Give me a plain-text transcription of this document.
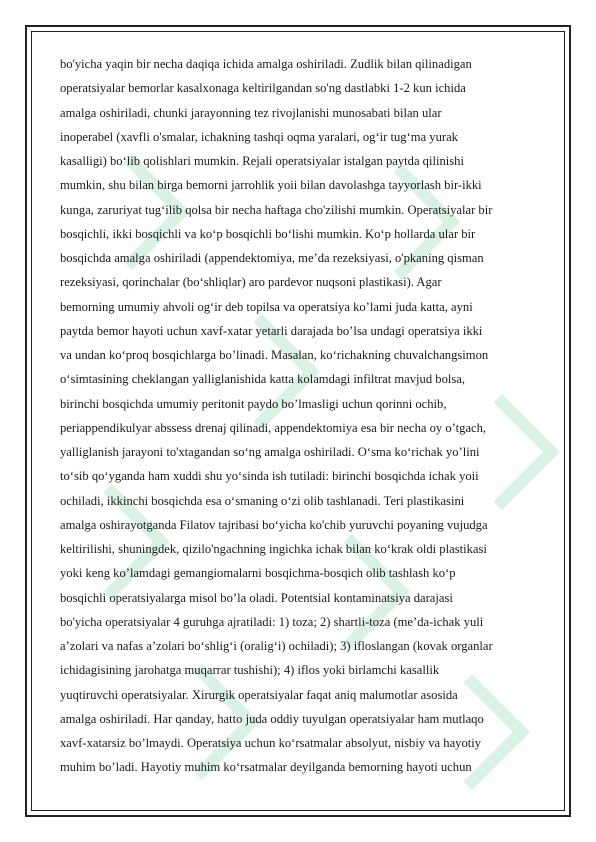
bo'yicha yaqin bir necha daqiqa ichida amalga oshiriladi. Zudlik bilan qilinadigan
operatsiyalar bemorlar kasalxonaga keltirilgandan so'ng dastlabki 1-2 kun ichida
amalga oshiriladi, chunki jarayonning tez rivojlanishi munosabati bilan ular
inoperabel (xavfli o'smalar, ichakning tashqi oqma yaralari, og‘ir tug‘ma yurak
kasalligi) bo‘lib qolishlari mumkin. Rejali operatsiyalar istalgan paytda qilinishi
mumkin, shu bilan birga bemorni jarrohlik yoii bilan davolashga tayyorlash bir-ikki
kunga, zaruriyat tug‘ilib qolsa bir necha haftaga cho'zilishi mumkin. Operatsiyalar bir
bosqichli, ikki bosqichli va ko‘p bosqichli bo‘lishi mumkin. Ko‘p hollarda ular bir
bosqichda amalga oshiriladi (appendektomiya, me’da rezeksiyasi, o'pkaning qisman
rezeksiyasi, qorinchalar (bo‘shliqlar) aro pardevor nuqsoni plastikasi). Agar
bemorning umumiy ahvoli og‘ir deb topilsa va operatsiya ko’lami juda katta, ayni
paytda bemor hayoti uchun xavf-xatar yetarli darajada bo’lsa undagi operatsiya ikki
va undan ko‘proq bosqichlarga bo’linadi. Masalan, ko‘richakning chuvalchangsimon
o‘simtasining cheklangan yalliglanishida katta kolamdagi infiltrat mavjud bolsa,
birinchi bosqichda umumiy peritonit paydo bo’lmasligi uchun qorinni ochib,
periappendikulyar abssess drenaj qilinadi, appendektomiya esa bir necha oy o’tgach,
yalliglanish jarayoni to'xtagandan so‘ng amalga oshiriladi. O‘sma ko‘richak yo’lini
to‘sib qo‘yganda ham xuddi shu yo‘sinda ish tutiladi: birinchi bosqichda ichak yoii
ochiladi, ikkinchi bosqichda esa o‘smaning o‘zi olib tashlanadi. Teri plastikasini
amalga oshirayotganda Filatov tajribasi bo‘yicha ko'chib yuruvchi poyaning vujudga
keltirilishi, shuningdek, qizilo'ngachning ingichka ichak bilan ko‘krak oldi plastikasi
yoki keng ko’lamdagi gemangiomalarni bosqichma-bosqich olib tashlash ko‘p
bosqichli operatsiyalarga misol bo’la oladi. Potentsial kontaminatsiya darajasi
bo'yicha operatsiyalar 4 guruhga ajratiladi: 1) toza; 2) shartli-toza (me’da-ichak yuli
a’zolari va nafas a’zolari bo‘shlig‘i (oralig‘i) ochiladi); 3) ifloslangan (kovak organlar
ichidagisining jarohatga muqarrar tushishi); 4) iflos yoki birlamchi kasallik
yuqtiruvchi operatsiyalar. Xirurgik operatsiyalar faqat aniq malumotlar asosida
amalga oshiriladi. Har qanday, hatto juda oddiy tuyulgan operatsiyalar ham mutlaqo
xavf-xatarsiz bo’lmaydi. Operatsiya uchun ko‘rsatmalar absolyut, nisbiy va hayotiy
muhim bo’ladi. Hayotiy muhim ko‘rsatmalar deyilganda bemorning hayoti uchun
